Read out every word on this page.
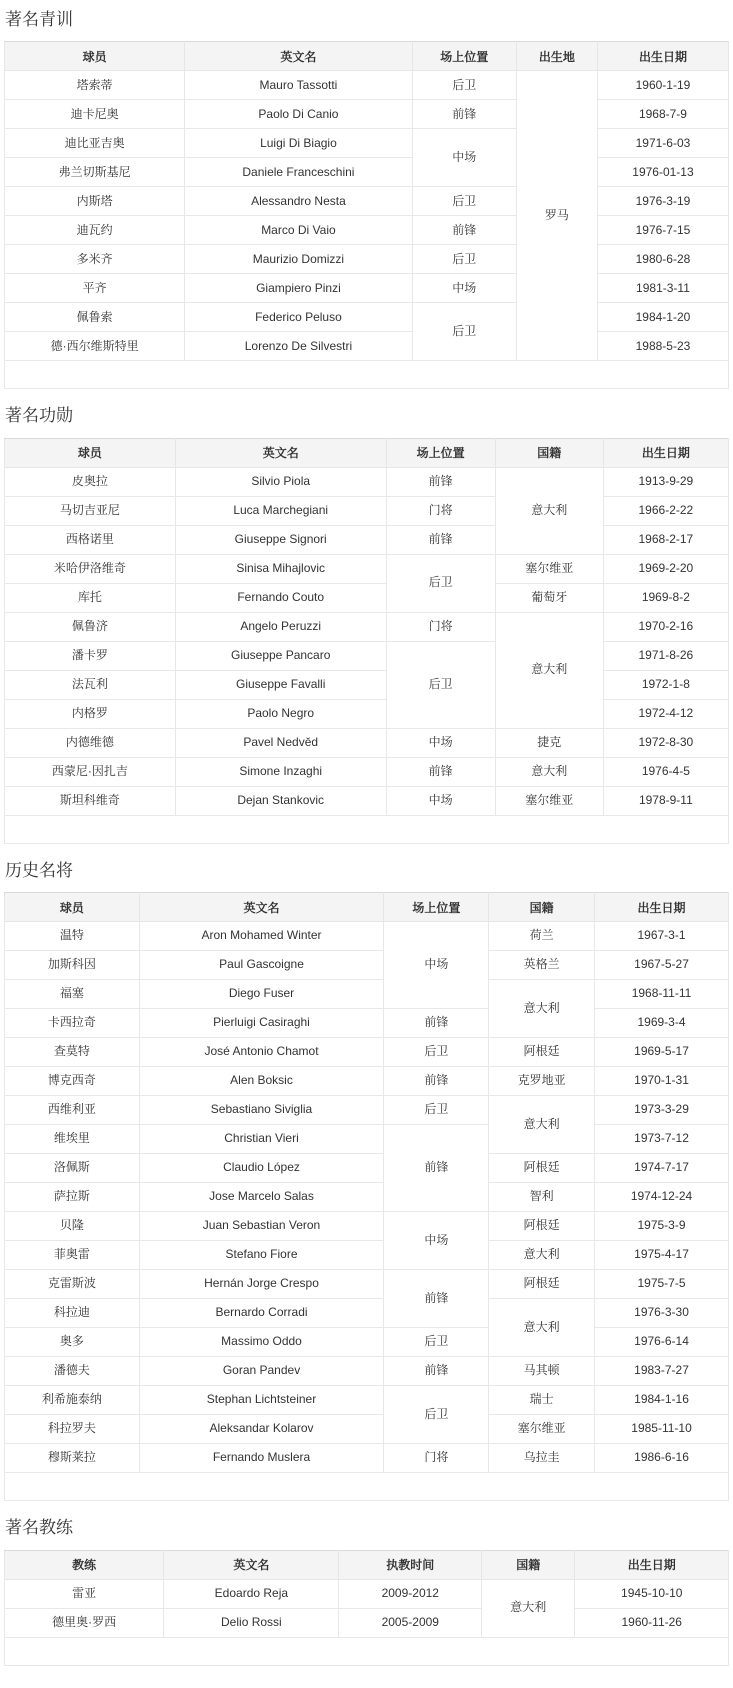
著名青训
球员	英文名	场上位置	出生地	出生日期
塔索蒂	Mauro Tassotti	后卫	罗马	1960-1-19
迪卡尼奥	Paolo Di Canio	前锋		1968-7-9
迪比亚吉奥	Luigi Di Biagio	中场		1971-6-03
弗兰切斯基尼	Daniele Franceschini			1976-01-13
内斯塔	Alessandro Nesta	后卫		1976-3-19
迪瓦约	Marco Di Vaio	前锋		1976-7-15
多米齐	Maurizio Domizzi	后卫		1980-6-28
平齐	Giampiero Pinzi	中场		1981-3-11
佩鲁索	Federico Peluso	后卫		1984-1-20
德·西尔维斯特里	Lorenzo De Silvestri			1988-5-23

著名功勋
球员	英文名	场上位置	国籍	出生日期
皮奥拉	Silvio Piola	前锋	意大利	1913-9-29
马切吉亚尼	Luca Marchegiani	门将		1966-2-22
西格诺里	Giuseppe Signori	前锋		1968-2-17
米哈伊洛维奇	Sinisa Mihajlovic	后卫	塞尔维亚	1969-2-20
库托	Fernando Couto		葡萄牙	1969-8-2
佩鲁济	Angelo Peruzzi	门将	意大利	1970-2-16
潘卡罗	Giuseppe Pancaro	后卫		1971-8-26
法瓦利	Giuseppe Favalli			1972-1-8
内格罗	Paolo Negro			1972-4-12
内德维德	Pavel Nedvěd	中场	捷克	1972-8-30
西蒙尼·因扎吉	Simone Inzaghi	前锋	意大利	1976-4-5
斯坦科维奇	Dejan Stankovic	中场	塞尔维亚	1978-9-11

历史名将
球员	英文名	场上位置	国籍	出生日期
温特	Aron Mohamed Winter	中场	荷兰	1967-3-1
加斯科因	Paul Gascoigne		英格兰	1967-5-27
福塞	Diego Fuser		意大利	1968-11-11
卡西拉奇	Pierluigi Casiraghi	前锋		1969-3-4
查莫特	José Antonio Chamot	后卫	阿根廷	1969-5-17
博克西奇	Alen Boksic	前锋	克罗地亚	1970-1-31
西维利亚	Sebastiano Siviglia	后卫	意大利	1973-3-29
维埃里	Christian Vieri	前锋		1973-7-12
洛佩斯	Claudio López		阿根廷	1974-7-17
萨拉斯	Jose Marcelo Salas		智利	1974-12-24
贝隆	Juan Sebastian Veron	中场	阿根廷	1975-3-9
菲奥雷	Stefano Fiore		意大利	1975-4-17
克雷斯波	Hernán Jorge Crespo	前锋	阿根廷	1975-7-5
科拉迪	Bernardo Corradi		意大利	1976-3-30
奥多	Massimo Oddo	后卫		1976-6-14
潘德夫	Goran Pandev	前锋	马其顿	1983-7-27
利希施泰纳	Stephan Lichtsteiner	后卫	瑞士	1984-1-16
科拉罗夫	Aleksandar Kolarov		塞尔维亚	1985-11-10
穆斯莱拉	Fernando Muslera	门将	乌拉圭	1986-6-16

著名教练
教练	英文名	执教时间	国籍	出生日期
雷亚	Edoardo Reja	2009-2012	意大利	1945-10-10
德里奥·罗西	Delio Rossi	2005-2009		1960-11-26
